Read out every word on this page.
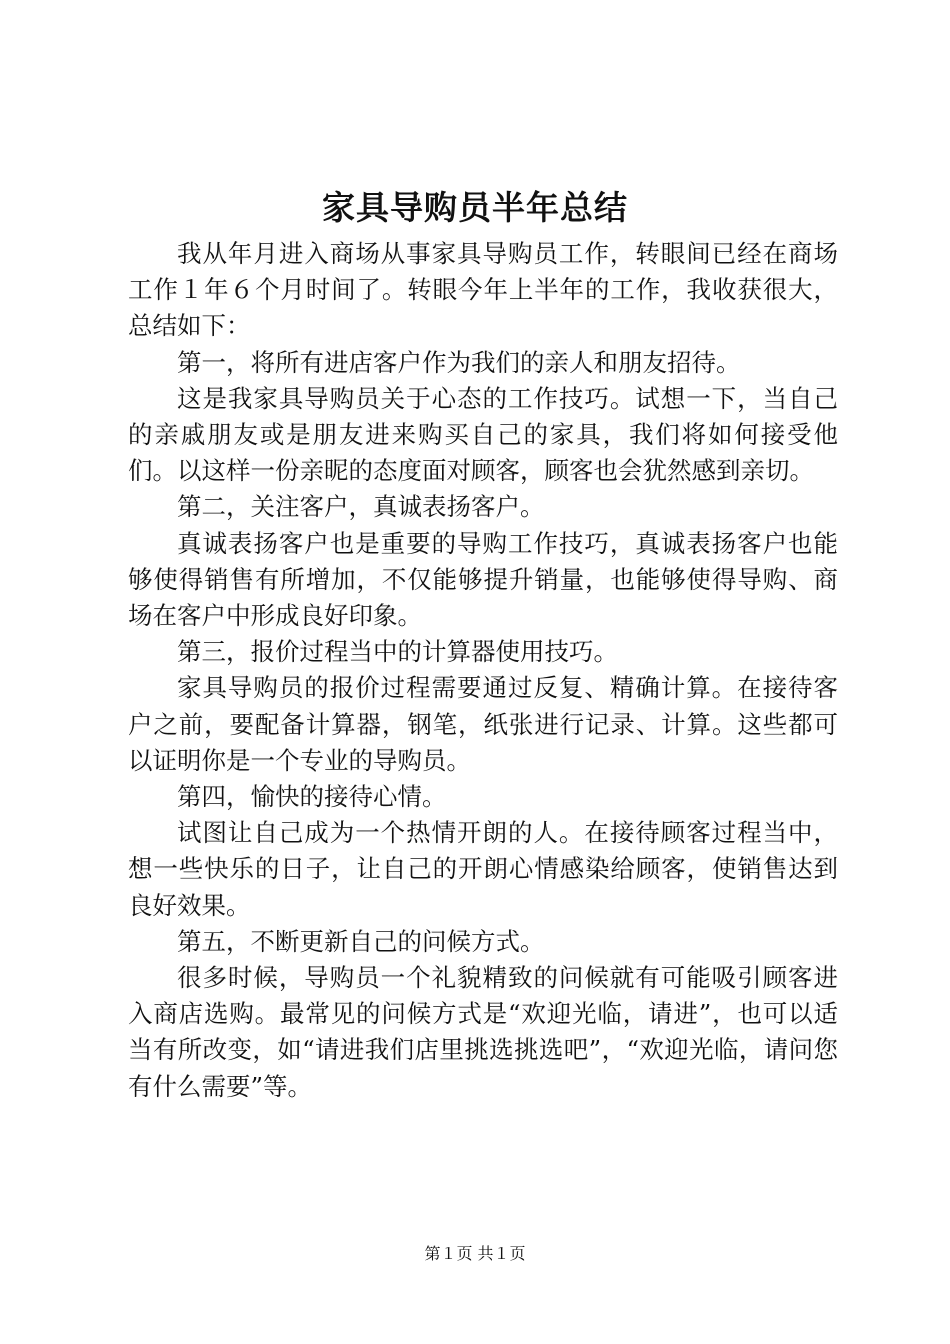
家具导购员半年总结

我从年月进入商场从事家具导购员工作，转眼间已经在商场工作１年６个月时间了。转眼今年上半年的工作，我收获很大，总结如下：

第一，将所有进店客户作为我们的亲人和朋友招待。

这是我家具导购员关于心态的工作技巧。试想一下，当自己的亲戚朋友或是朋友进来购买自己的家具，我们将如何接受他们。以这样一份亲昵的态度面对顾客，顾客也会犹然感到亲切。

第二，关注客户，真诚表扬客户。

真诚表扬客户也是重要的导购工作技巧，真诚表扬客户也能够使得销售有所增加，不仅能够提升销量，也能够使得导购、商场在客户中形成良好印象。

第三，报价过程当中的计算器使用技巧。

家具导购员的报价过程需要通过反复、精确计算。在接待客户之前，要配备计算器，钢笔，纸张进行记录、计算。这些都可以证明你是一个专业的导购员。

第四，愉快的接待心情。

试图让自己成为一个热情开朗的人。在接待顾客过程当中，想一些快乐的日子，让自己的开朗心情感染给顾客，使销售达到良好效果。

第五，不断更新自己的问候方式。

很多时候，导购员一个礼貌精致的问候就有可能吸引顾客进入商店选购。最常见的问候方式是“欢迎光临，请进”，也可以适当有所改变，如“请进我们店里挑选挑选吧”，“欢迎光临，请问您有什么需要”等。

第１页 共１页
